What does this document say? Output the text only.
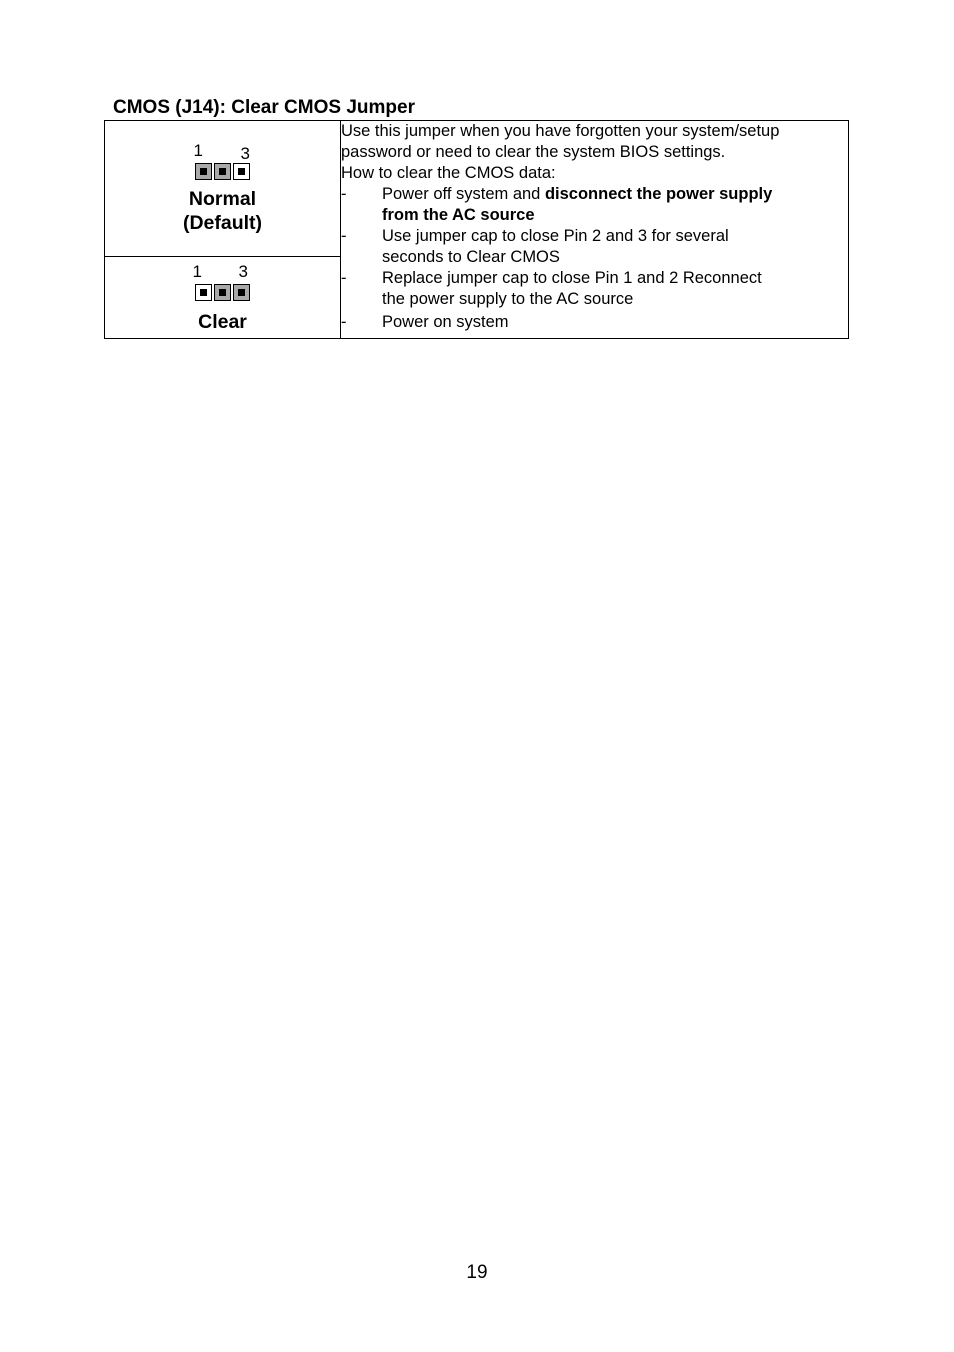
CMOS (J14): Clear CMOS Jumper
1 3
Normal
(Default)

Use this jumper when you have forgotten your system/setup
password or need to clear the system BIOS settings.
How to clear the CMOS data:
-	Power off system and disconnect the power supply
from the AC source
-	Use jumper cap to close Pin 2 and 3 for several
seconds to Clear CMOS
-	Replace jumper cap to close Pin 1 and 2 Reconnect
the power supply to the AC source
-	Power on system

1 3
Clear
19
